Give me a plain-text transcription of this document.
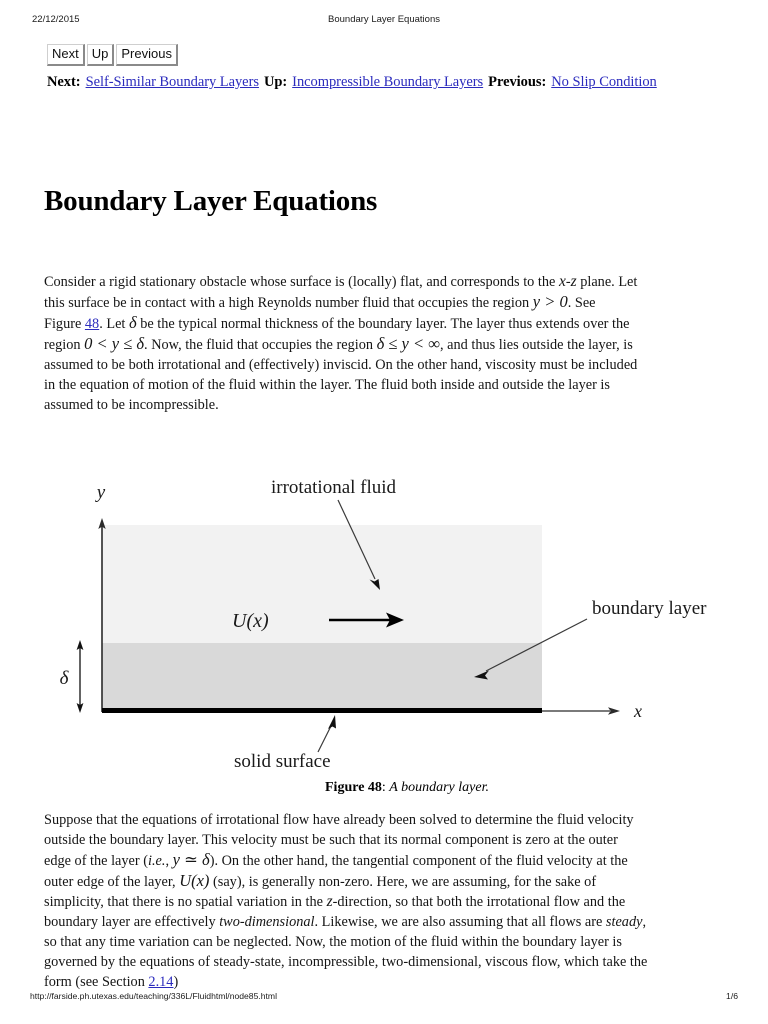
22/12/2015	Boundary Layer Equations
Next Up Previous
Next: Self-Similar Boundary Layers Up: Incompressible Boundary Layers Previous: No Slip Condition
Boundary Layer Equations

Consider a rigid stationary obstacle whose surface is (locally) flat, and corresponds to the x-z plane. Let

this surface be in contact with a high Reynolds number fluid that occupies the region y > 0. See

Figure 48. Let δ be the typical normal thickness of the boundary layer. The layer thus extends over the

region 0 < y ≤ δ. Now, the fluid that occupies the region δ ≤ y < ∞, and thus lies outside the layer, is

assumed to be both irrotational and (effectively) inviscid. On the other hand, viscosity must be included

in the equation of motion of the fluid within the layer. The fluid both inside and outside the layer is

assumed to be incompressible.

y
x
δ
U(x)
irrotational fluid
boundary layer
solid surface
Figure 48: A boundary layer.

Suppose that the equations of irrotational flow have already been solved to determine the fluid velocity

outside the boundary layer. This velocity must be such that its normal component is zero at the outer

edge of the layer (i.e., y ≃ δ). On the other hand, the tangential component of the fluid velocity at the

outer edge of the layer, U(x) (say), is generally non-zero. Here, we are assuming, for the sake of

simplicity, that there is no spatial variation in the z-direction, so that both the irrotational flow and the

boundary layer are effectively two-dimensional. Likewise, we are also assuming that all flows are steady,

so that any time variation can be neglected. Now, the motion of the fluid within the boundary layer is

governed by the equations of steady-state, incompressible, two-dimensional, viscous flow, which take the

form (see Section 2.14)

http://farside.ph.utexas.edu/teaching/336L/Fluidhtml/node85.html	1/6
